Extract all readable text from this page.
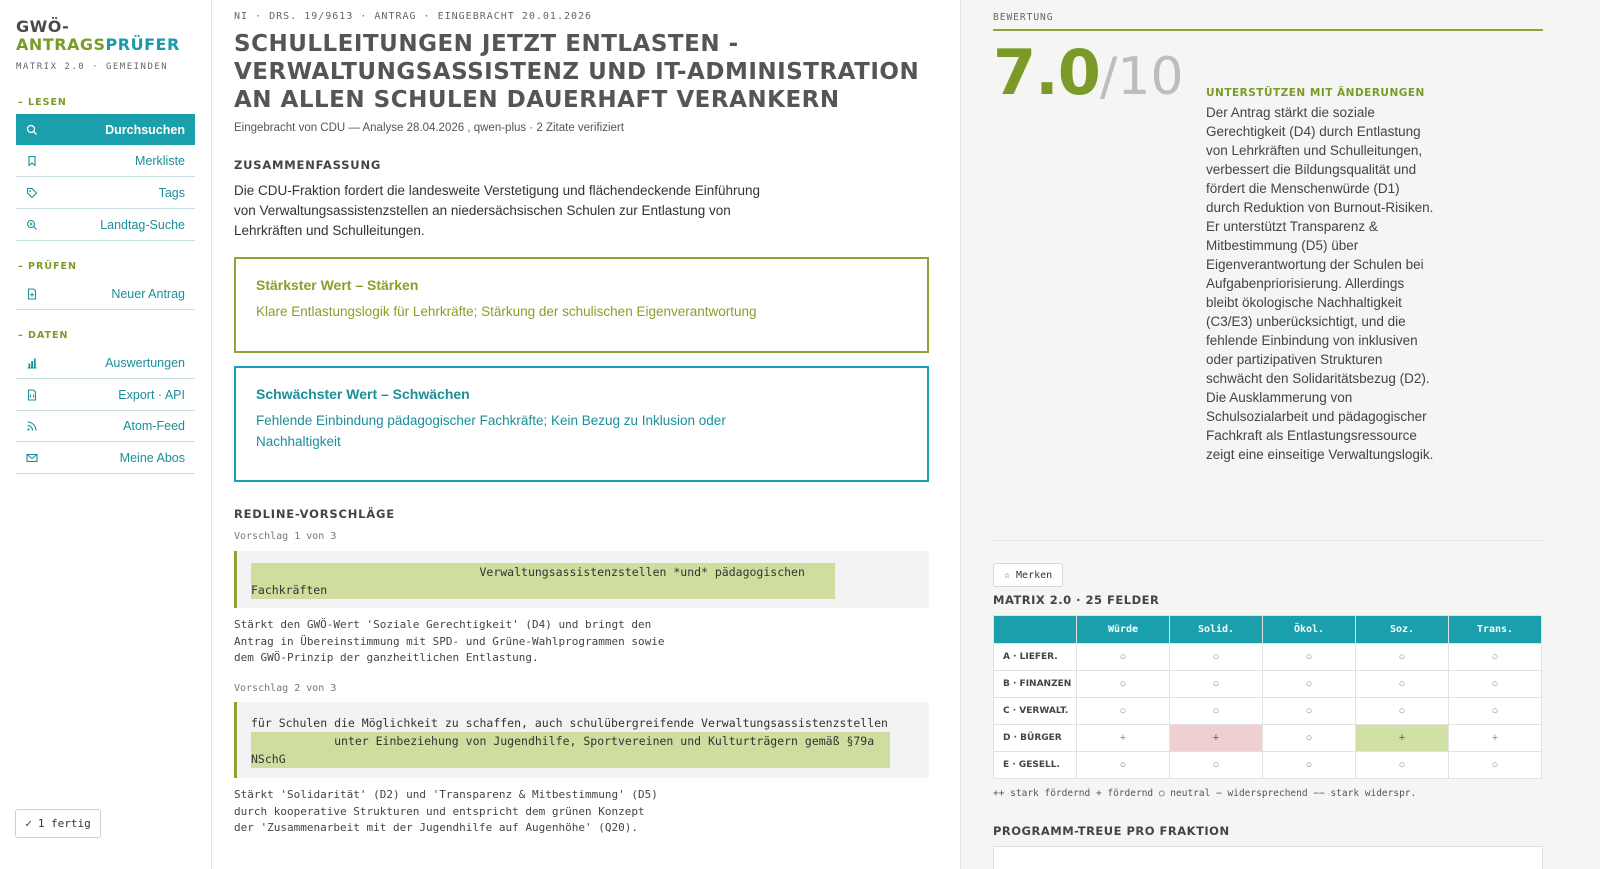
GWÖ-
ANTRAGSPRÜFER
MATRIX 2.0 · GEMEINDEN
– LESEN
Durchsuchen
Merkliste
Tags
Landtag-Suche
– PRÜFEN
Neuer Antrag
– DATEN
Auswertungen
Export · API
Atom-Feed
Meine Abos
✓ 1 fertig
NI · DRS. 19/9613 · ANTRAG · EINGEBRACHT 20.01.2026
SCHULLEITUNGEN JETZT ENTLASTEN - VERWALTUNGSASSISTENZ UND IT-ADMINISTRATION AN ALLEN SCHULEN DAUERHAFT VERANKERN
Eingebracht von CDU — Analyse 28.04.2026 , qwen-plus · 2 Zitate verifiziert
ZUSAMMENFASSUNG

Die CDU-Fraktion fordert die landesweite Verstetigung und flächendeckende Einführung von Verwaltungsassistenzstellen an niedersächsischen Schulen zur Entlastung von Lehrkräften und Schulleitungen.

Stärkster Wert – Stärken
Klare Entlastungslogik für Lehrkräfte; Stärkung der schulischen Eigenverantwortung
Schwächster Wert – Schwächen
Fehlende Einbindung pädagogischer Fachkräfte; Kein Bezug zu Inklusion oder Nachhaltigkeit
REDLINE-VORSCHLÄGE
Vorschlag 1 von 3
Verwaltungsassistenzstellen *und* pädagogischen Fachkräften
Stärkt den GWÖ-Wert 'Soziale Gerechtigkeit' (D4) und bringt den
Antrag in Übereinstimmung mit SPD- und Grüne-Wahlprogrammen sowie
dem GWÖ-Prinzip der ganzheitlichen Entlastung.
Vorschlag 2 von 3
für Schulen die Möglichkeit zu schaffen, auch schulübergreifende Verwaltungsassistenzstellen
unter Einbeziehung von Jugendhilfe, Sportvereinen und Kulturträgern gemäß §79a NSchG
Stärkt 'Solidarität' (D2) und 'Transparenz & Mitbestimmung' (D5)
durch kooperative Strukturen und entspricht dem grünen Konzept
der 'Zusammenarbeit mit der Jugendhilfe auf Augenhöhe' (Q20).
BEWERTUNG
7.0/10 UNTERSTÜTZEN MIT ÄNDERUNGEN

Der Antrag stärkt die soziale Gerechtigkeit (D4) durch Entlastung von Lehrkräften und Schulleitungen, verbessert die Bildungsqualität und fördert die Menschenwürde (D1) durch Reduktion von Burnout-Risiken. Er unterstützt Transparenz & Mitbestimmung (D5) über Eigenverantwortung der Schulen bei Aufgabenpriorisierung. Allerdings bleibt ökologische Nachhaltigkeit (C3/E3) unberücksichtigt, und die fehlende Einbindung von inklusiven oder partizipativen Strukturen schwächt den Solidaritätsbezug (D2). Die Ausklammerung von Schulsozialarbeit und pädagogischer Fachkraft als Entlastungsressource zeigt eine einseitige Verwaltungslogik.

☆ Merken
MATRIX 2.0 · 25 FELDER
	Würde	Solid.	Ökol.	Soz.	Trans.
A · LIEFER.	○	○	○	○	○
B · FINANZEN	○	○	○	○	○
C · VERWALT.	○	○	○	○	○
D · BÜRGER	+	+	○	+	+
E · GESELL.	○	○	○	○	○
++ stark fördernd + fördernd ○ neutral − widersprechend −− stark widerspr.
PROGRAMM-TREUE PRO FRAKTION
